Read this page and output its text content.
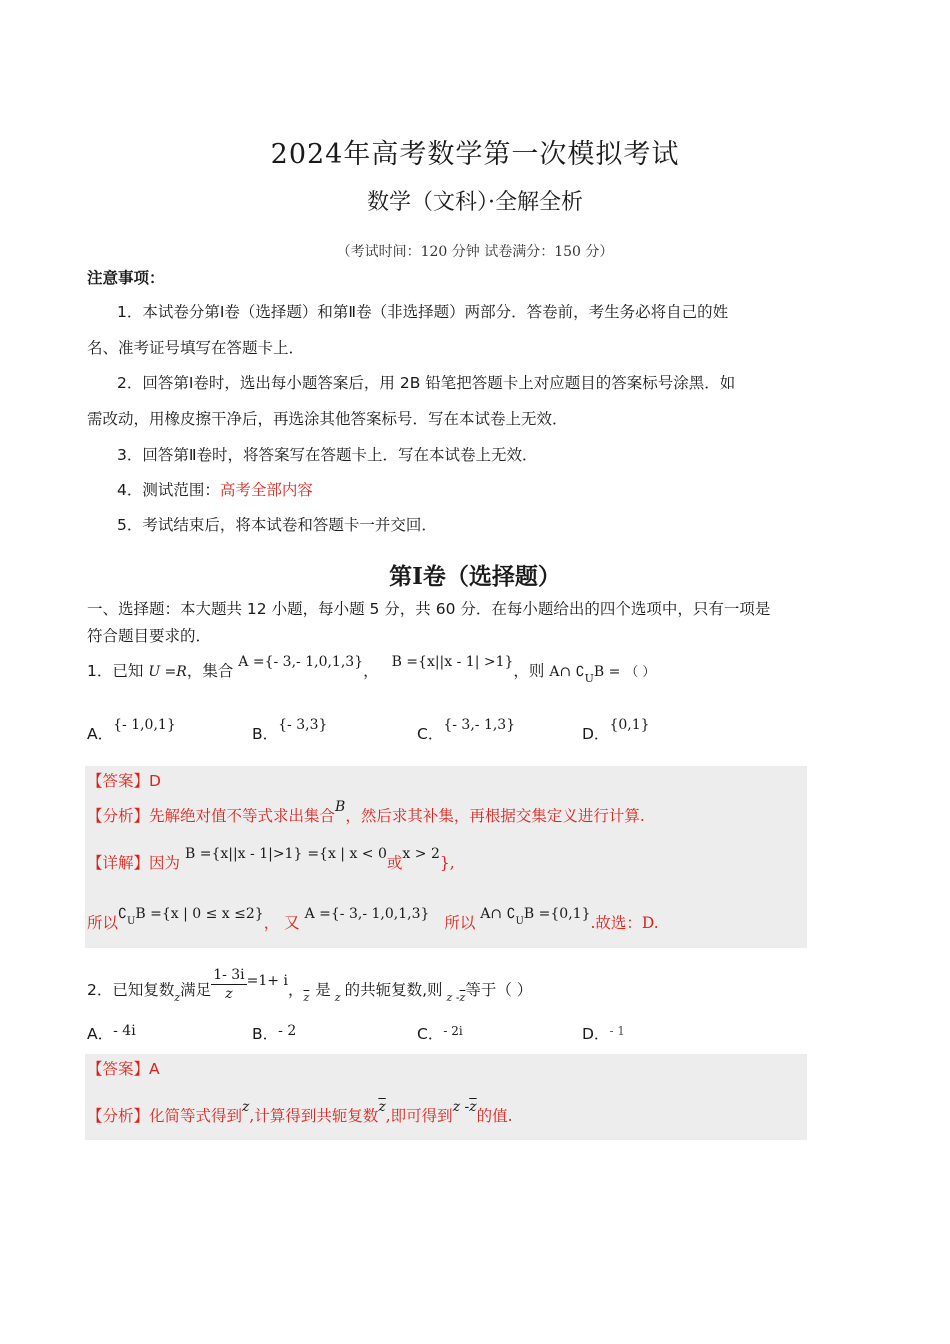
2024年高考数学第一次模拟考试
数学（文科）·全解全析
（考试时间：120 分钟 试卷满分：150 分）
注意事项：
1．本试卷分第Ⅰ卷（选择题）和第Ⅱ卷（非选择题）两部分．答卷前，考生务必将自己的姓
名、准考证号填写在答题卡上．
2．回答第Ⅰ卷时，选出每小题答案后，用 2B 铅笔把答题卡上对应题目的答案标号涂黑．如
需改动，用橡皮擦干净后，再选涂其他答案标号．写在本试卷上无效．
3．回答第Ⅱ卷时，将答案写在答题卡上．写在本试卷上无效．
4．测试范围：高考全部内容
5．考试结束后，将本试卷和答题卡一并交回．
第Ⅰ卷（选择题）
一、选择题：本大题共 12 小题，每小题 5 分，共 60 分．在每小题给出的四个选项中，只有一项是
符合题目要求的．
1．已知 U =R，集合 A ={- 3,- 1,0,1,3}， B ={x||x - 1| >1}，则 A∩ ∁UB = （ ）
A．{- 1,0,1}	B．{- 3,3}	C．{- 3,- 1,3}	D．{0,1}
【答案】D
【分析】先解绝对值不等式求出集合B，然后求其补集，再根据交集定义进行计算.
【详解】因为 B ={x||x - 1|>1} ={x | x < 0或x > 2},
所以∁UB ={x | 0 ≤ x ≤2}， 又 A ={- 3,- 1,0,1,3} 所以 A∩ ∁UB ={0,1}.故选：D.
2．已知复数z满足 $\frac{1- 3i}{z} =1+ i$，$\overline{z}$ 是 z 的共轭复数,则 z $-\overline{z}$等于（ ）
A．- 4i	B．- 2	C．- 2i	D．- 1
【答案】A
【分析】化简等式得到z,计算得到共轭复数$\overline{z}$,即可得到z $-\overline{z}$的值.
